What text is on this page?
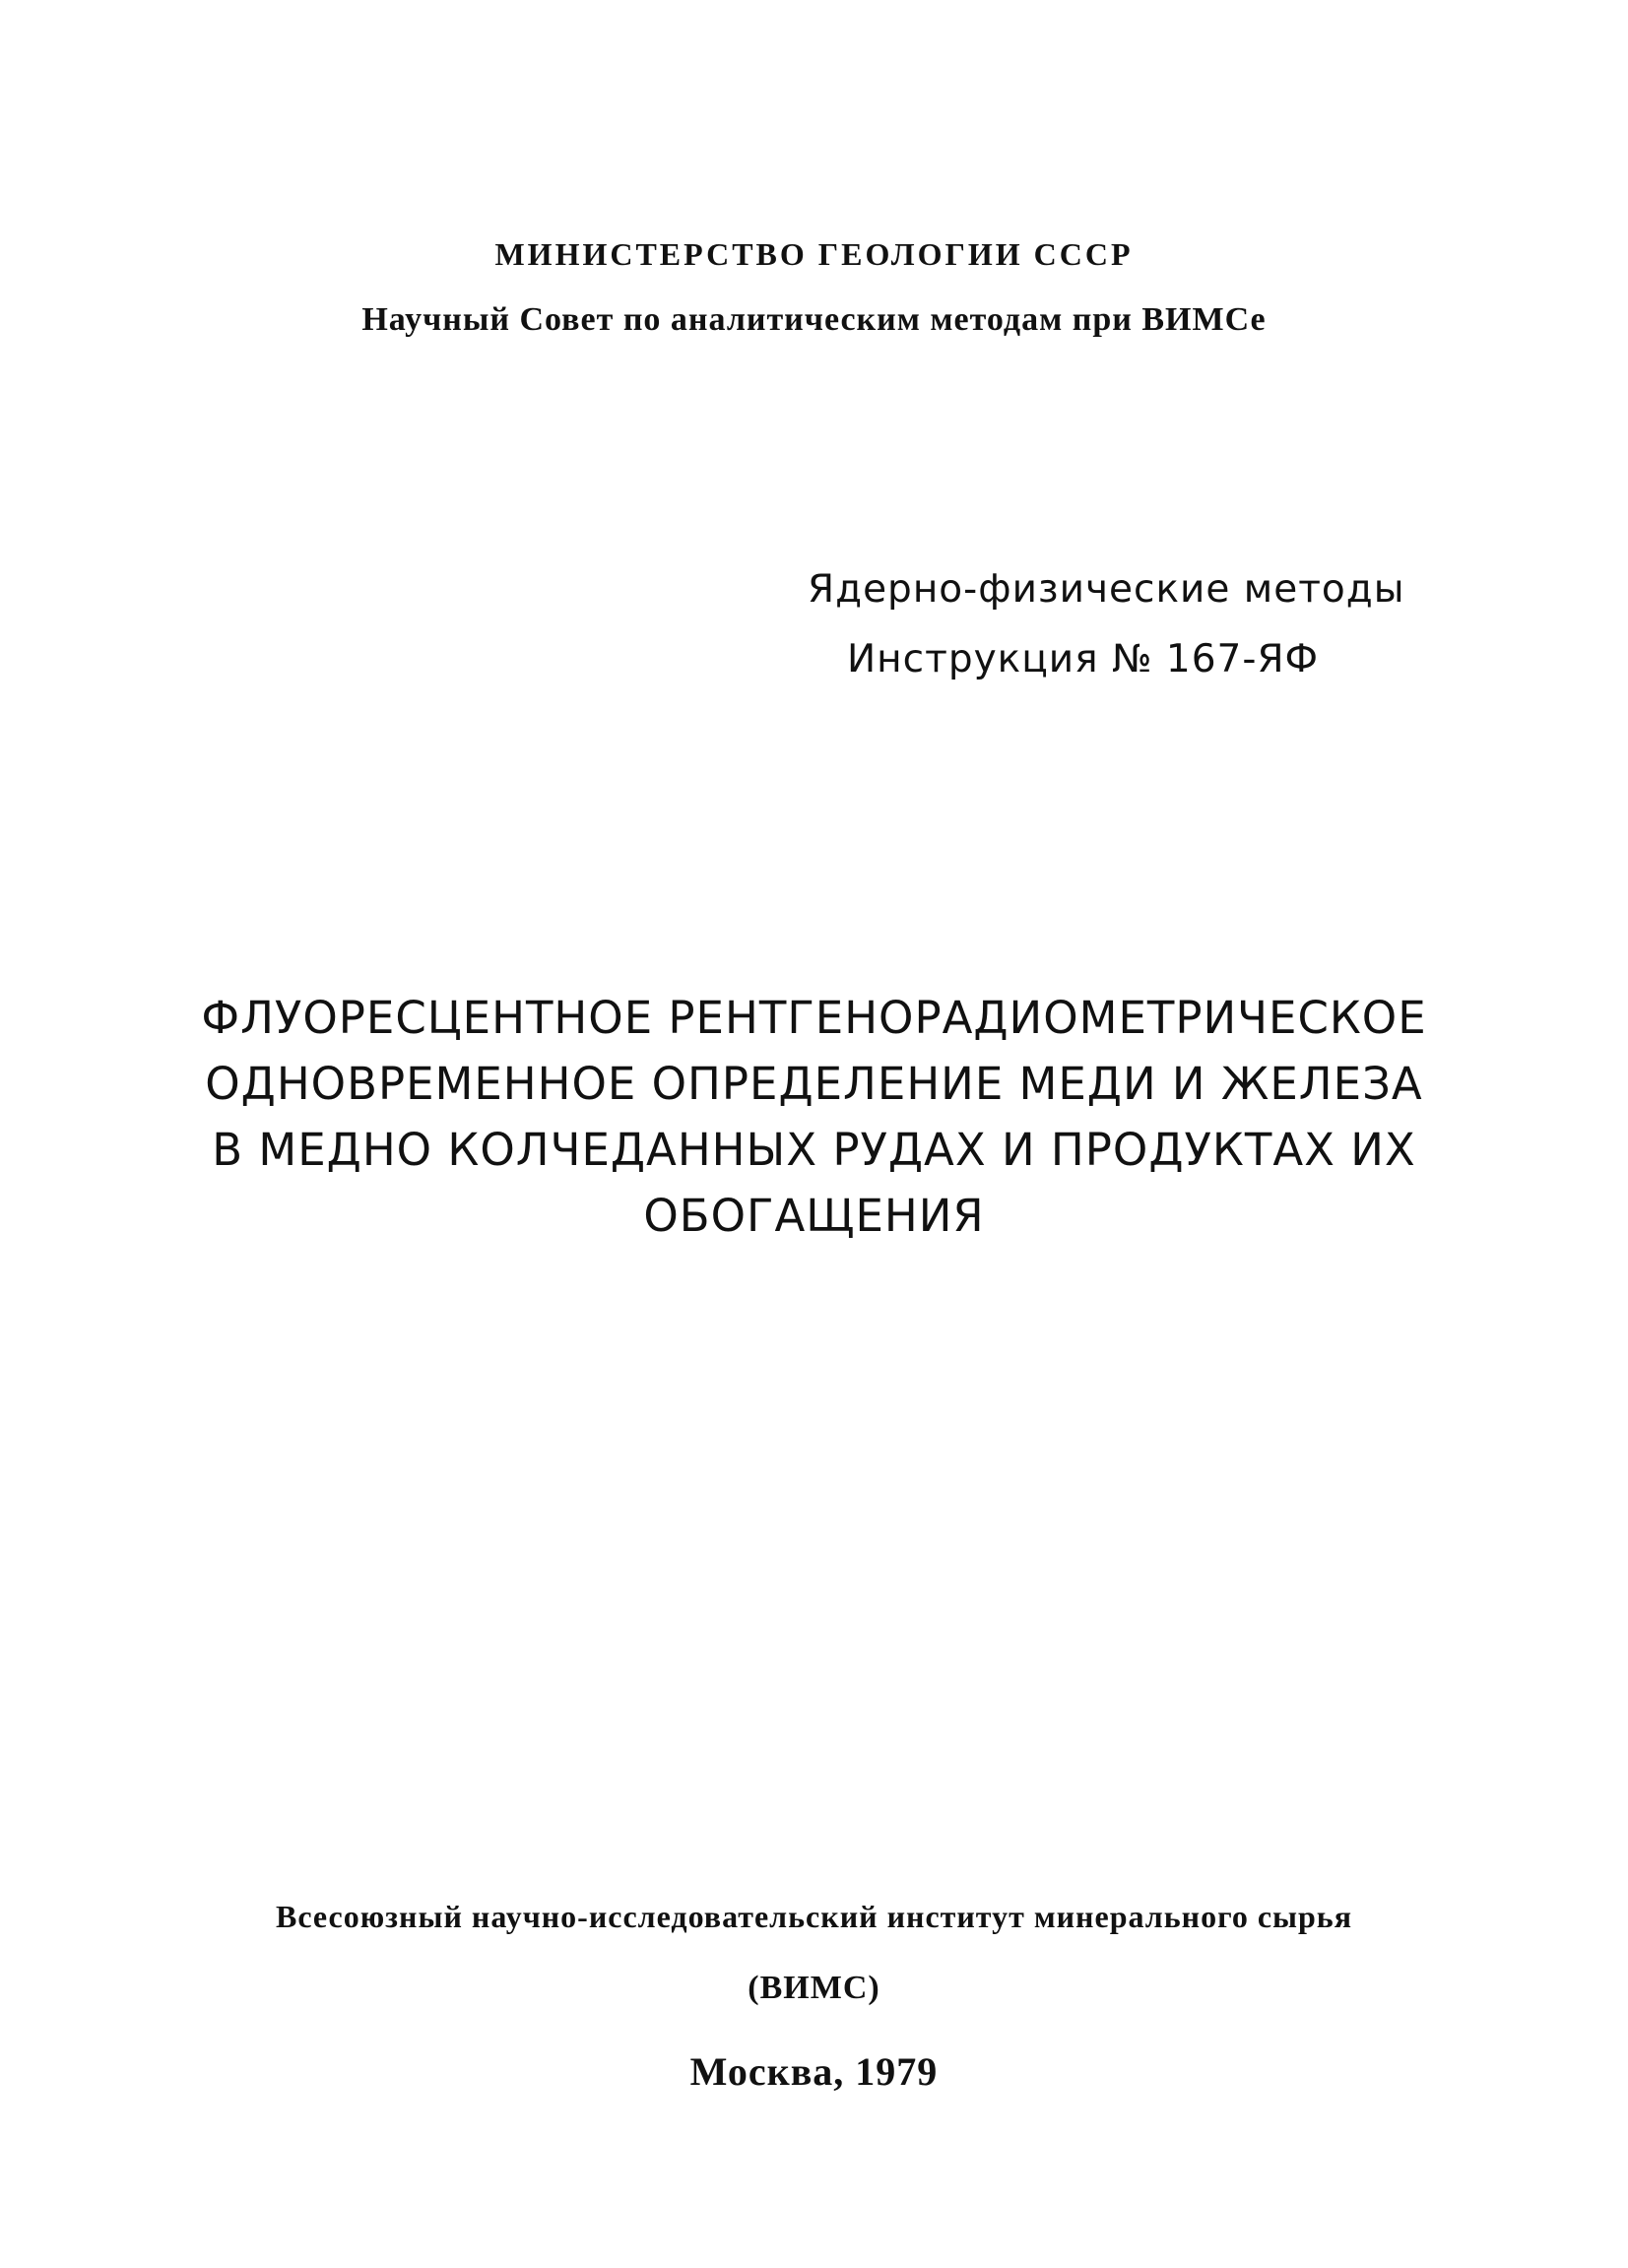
МИНИСТЕРСТВО ГЕОЛОГИИ СССР
Научный Совет по аналитическим методам при ВИМСе
Ядерно-физические методы
Инструкция № 167-ЯФ
ФЛУОРЕСЦЕНТНОЕ РЕНТГЕНОРАДИОМЕТРИЧЕСКОЕ
ОДНОВРЕМЕННОЕ ОПРЕДЕЛЕНИЕ МЕДИ И ЖЕЛЕЗА
В МЕДНО КОЛЧЕДАННЫХ РУДАХ И ПРОДУКТАХ ИХ
ОБОГАЩЕНИЯ
Всесоюзный научно-исследовательский институт минерального сырья
(ВИМС)
Москва, 1979
